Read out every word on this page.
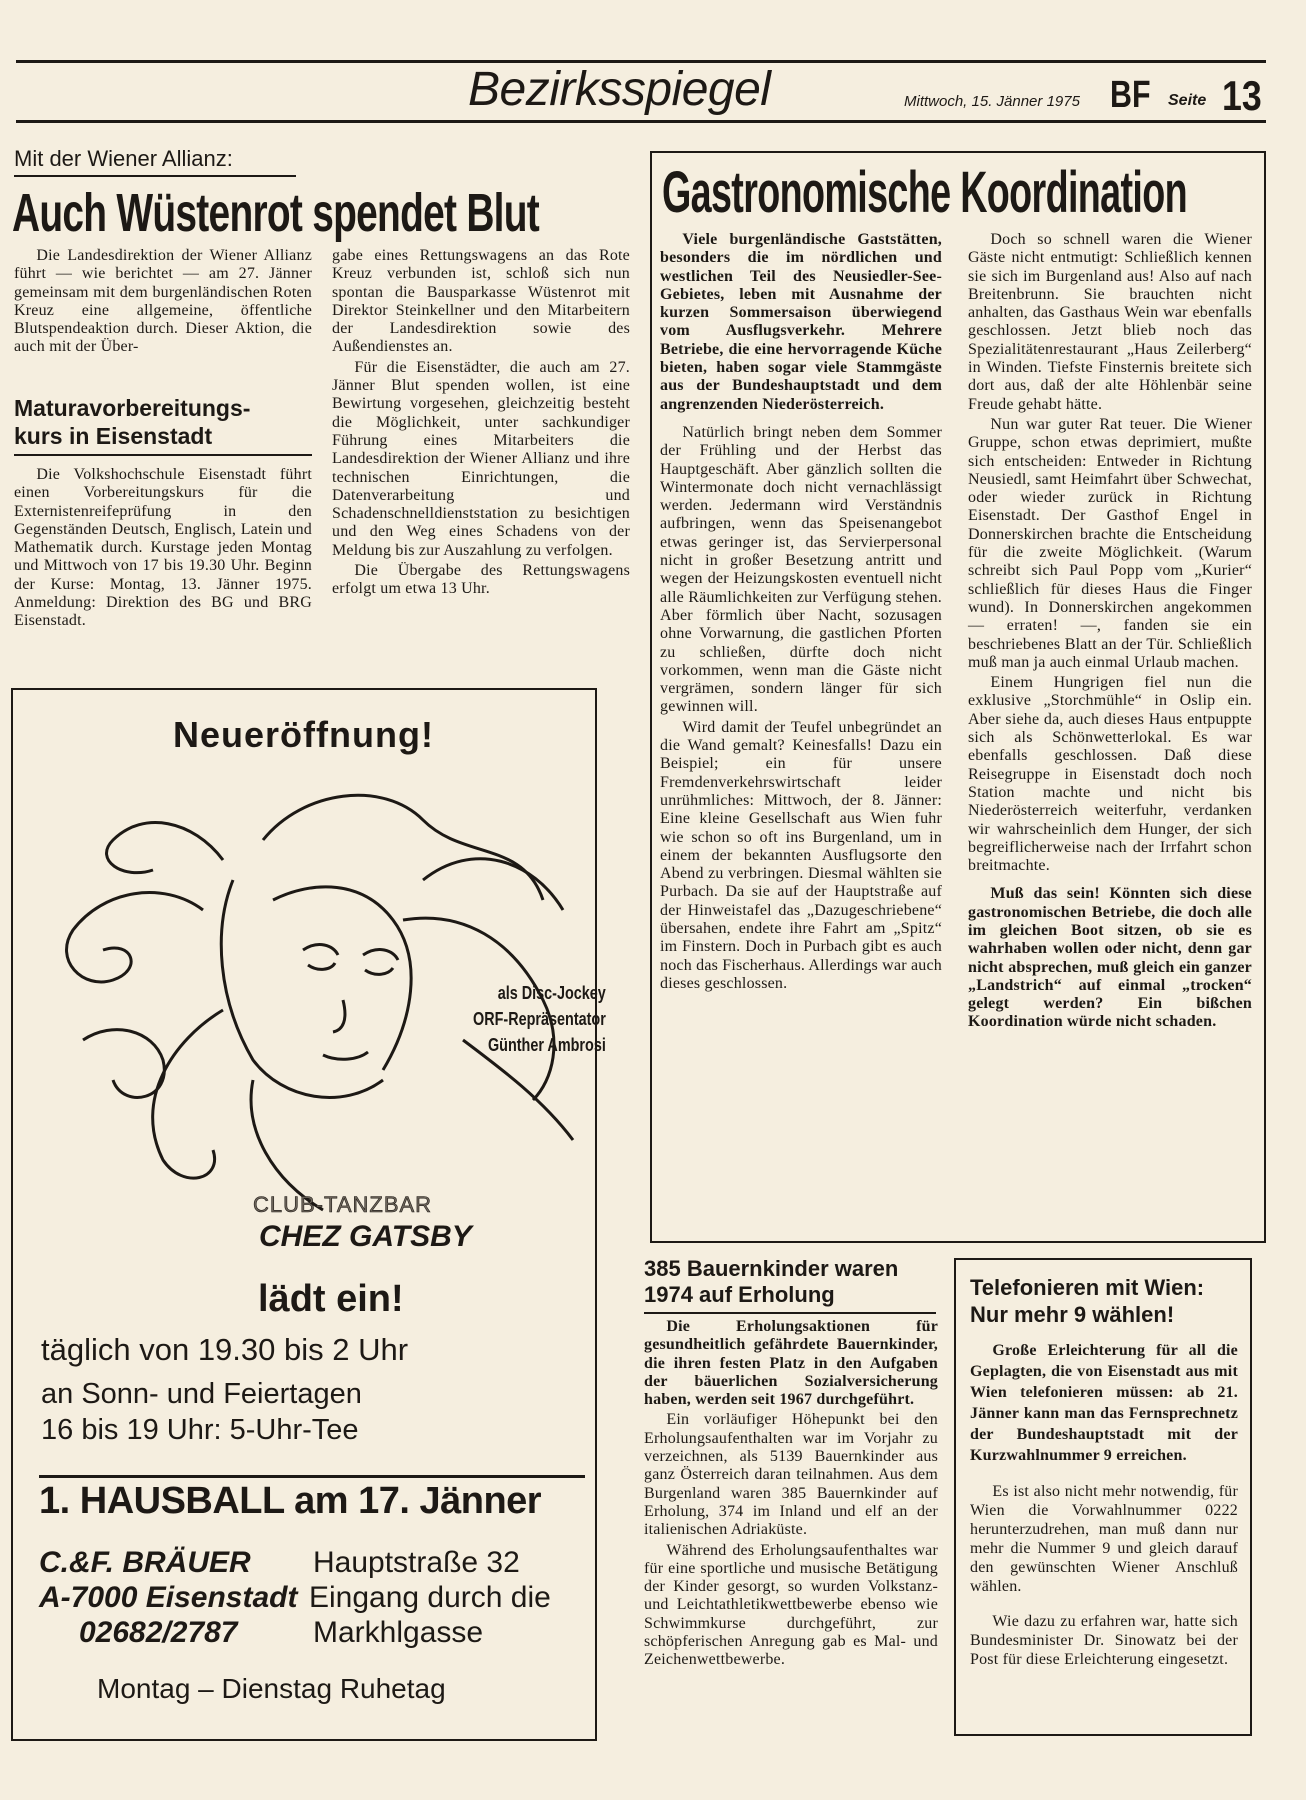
Bezirksspiegel	Mittwoch, 15. Jänner 1975 BF Seite 13
Mit der Wiener Allianz:
Auch Wüstenrot spendet Blut

Die Landesdirektion der Wiener Allianz führt — wie berichtet — am 27. Jänner gemeinsam mit dem burgenländischen Roten Kreuz eine allgemeine, öffentliche Blutspendeaktion durch. Dieser Aktion, die auch mit der Über-

gabe eines Rettungswagens an das Rote Kreuz verbunden ist, schloß sich nun spontan die Bausparkasse Wüstenrot mit Direktor Steinkellner und den Mitarbeitern der Landesdirektion sowie des Außendienstes an.

Für die Eisenstädter, die auch am 27. Jänner Blut spenden wollen, ist eine Bewirtung vorgesehen, gleichzeitig besteht die Möglichkeit, unter sachkundiger Führung eines Mitarbeiters die Landesdirektion der Wiener Allianz und ihre technischen Einrichtungen, die Datenverarbeitung und Schadenschnelldienststation zu besichtigen und den Weg eines Schadens von der Meldung bis zur Auszahlung zu verfolgen.

Die Übergabe des Rettungswagens erfolgt um etwa 13 Uhr.

Maturavorbereitungs-
kurs in Eisenstadt

Die Volkshochschule Eisenstadt führt einen Vorbereitungskurs für die Externistenreifeprüfung in den Gegenständen Deutsch, Englisch, Latein und Mathematik durch. Kurstage jeden Montag und Mittwoch von 17 bis 19.30 Uhr. Beginn der Kurse: Montag, 13. Jänner 1975. Anmeldung: Direktion des BG und BRG Eisenstadt.

Neueröffnung!
als Disc-Jockey
ORF-Repräsentator
Günther Ambrosi
CLUB-TANZBAR
CHEZ GATSBY
lädt ein!
täglich von 19.30 bis 2 Uhr
an Sonn- und Feiertagen
16 bis 19 Uhr: 5-Uhr-Tee
1. HAUSBALL am 17. Jänner
C.&F. BRÄUER
A-7000 Eisenstadt
02682/2787
Hauptstraße 32
Eingang durch die
Markhlgasse
Montag – Dienstag Ruhetag
Gastronomische Koordination

Viele burgenländische Gaststätten, besonders die im nördlichen und westlichen Teil des Neusiedler-See-Gebietes, leben mit Ausnahme der kurzen Sommersaison überwiegend vom Ausflugsverkehr. Mehrere Betriebe, die eine hervorragende Küche bieten, haben sogar viele Stammgäste aus der Bundeshauptstadt und dem angrenzenden Niederösterreich.

Natürlich bringt neben dem Sommer der Frühling und der Herbst das Hauptgeschäft. Aber gänzlich sollten die Wintermonate doch nicht vernachlässigt werden. Jedermann wird Verständnis aufbringen, wenn das Speisenangebot etwas geringer ist, das Servierpersonal nicht in großer Besetzung antritt und wegen der Heizungskosten eventuell nicht alle Räumlichkeiten zur Verfügung stehen. Aber förmlich über Nacht, sozusagen ohne Vorwarnung, die gastlichen Pforten zu schließen, dürfte doch nicht vorkommen, wenn man die Gäste nicht vergrämen, sondern länger für sich gewinnen will.

Wird damit der Teufel unbegründet an die Wand gemalt? Keinesfalls! Dazu ein Beispiel; ein für unsere Fremdenverkehrswirtschaft leider unrühmliches: Mittwoch, der 8. Jänner: Eine kleine Gesellschaft aus Wien fuhr wie schon so oft ins Burgenland, um in einem der bekannten Ausflugsorte den Abend zu verbringen. Diesmal wählten sie Purbach. Da sie auf der Hauptstraße auf der Hinweistafel das „Dazugeschriebene“ übersahen, endete ihre Fahrt am „Spitz“ im Finstern. Doch in Purbach gibt es auch noch das Fischerhaus. Allerdings war auch dieses geschlossen.

Doch so schnell waren die Wiener Gäste nicht entmutigt: Schließlich kennen sie sich im Burgenland aus! Also auf nach Breitenbrunn. Sie brauchten nicht anhalten, das Gasthaus Wein war ebenfalls geschlossen. Jetzt blieb noch das Spezialitätenrestaurant „Haus Zeilerberg“ in Winden. Tiefste Finsternis breitete sich dort aus, daß der alte Höhlenbär seine Freude gehabt hätte.

Nun war guter Rat teuer. Die Wiener Gruppe, schon etwas deprimiert, mußte sich entscheiden: Entweder in Richtung Neusiedl, samt Heimfahrt über Schwechat, oder wieder zurück in Richtung Eisenstadt. Der Gasthof Engel in Donnerskirchen brachte die Entscheidung für die zweite Möglichkeit. (Warum schreibt sich Paul Popp vom „Kurier“ schließlich für dieses Haus die Finger wund). In Donnerskirchen angekommen — erraten! —, fanden sie ein beschriebenes Blatt an der Tür. Schließlich muß man ja auch einmal Urlaub machen.

Einem Hungrigen fiel nun die exklusive „Storchmühle“ in Oslip ein. Aber siehe da, auch dieses Haus entpuppte sich als Schönwetterlokal. Es war ebenfalls geschlossen. Daß diese Reisegruppe in Eisenstadt doch noch Station machte und nicht bis Niederösterreich weiterfuhr, verdanken wir wahrscheinlich dem Hunger, der sich begreiflicherweise nach der Irrfahrt schon breitmachte.

Muß das sein! Könnten sich diese gastronomischen Betriebe, die doch alle im gleichen Boot sitzen, ob sie es wahrhaben wollen oder nicht, denn gar nicht absprechen, muß gleich ein ganzer „Landstrich“ auf einmal „trocken“ gelegt werden? Ein bißchen Koordination würde nicht schaden.

385 Bauernkinder waren
1974 auf Erholung

Die Erholungsaktionen für gesundheitlich gefährdete Bauernkinder, die ihren festen Platz in den Aufgaben der bäuerlichen Sozialversicherung haben, werden seit 1967 durchgeführt.

Ein vorläufiger Höhepunkt bei den Erholungsaufenthalten war im Vorjahr zu verzeichnen, als 5139 Bauernkinder aus ganz Österreich daran teilnahmen. Aus dem Burgenland waren 385 Bauernkinder auf Erholung, 374 im Inland und elf an der italienischen Adriaküste.

Während des Erholungsaufenthaltes war für eine sportliche und musische Betätigung der Kinder gesorgt, so wurden Volkstanz- und Leichtathletikwettbewerbe ebenso wie Schwimmkurse durchgeführt, zur schöpferischen Anregung gab es Mal- und Zeichenwettbewerbe.

Telefonieren mit Wien:
Nur mehr 9 wählen!

Große Erleichterung für all die Geplagten, die von Eisenstadt aus mit Wien telefonieren müssen: ab 21. Jänner kann man das Fernsprechnetz der Bundeshauptstadt mit der Kurzwahlnummer 9 erreichen.

Es ist also nicht mehr notwendig, für Wien die Vorwahlnummer 0222 herunterzudrehen, man muß dann nur mehr die Nummer 9 und gleich darauf den gewünschten Wiener Anschluß wählen.

Wie dazu zu erfahren war, hatte sich Bundesminister Dr. Sinowatz bei der Post für diese Erleichterung eingesetzt.
